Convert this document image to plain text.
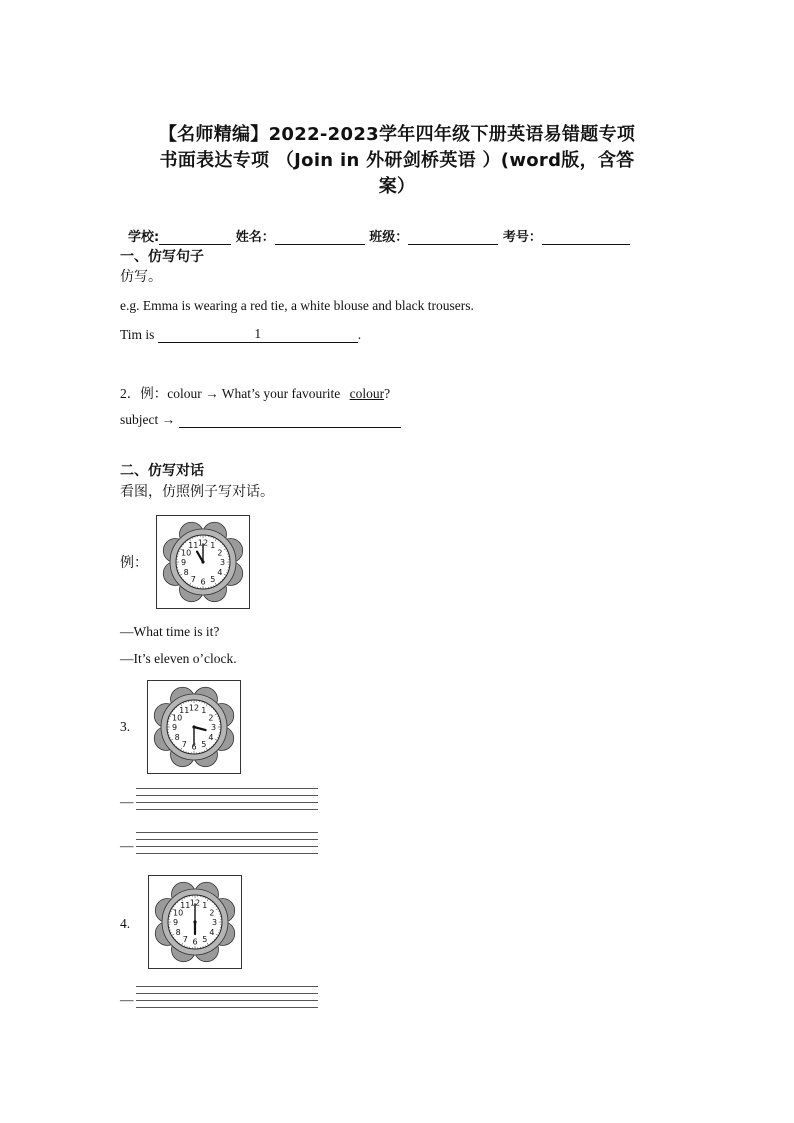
【名师精编】2022-2023学年四年级下册英语易错题专项
书面表达专项 （Join in 外研剑桥英语 ）(word版，含答
案）
学校:	姓名：	班级：	考号：
一、仿写句子
仿写。
e.g. Emma is wearing a red tie, a white blouse and black trousers.
Tim is	1	.
2．例：colour → What’s your favourite colour?
subject →
二、仿写对话
看图，仿照例子写对话。
例：
1
2
3
4
5
6
7
8
9
10
11 12
—What time is it?
—It’s eleven o’clock.
3.
1
2
3
4
5
6
7
8
9
10
11 12
—
—
4.
1
2
3
4
5
6
7
8
9
10
11 12
—
